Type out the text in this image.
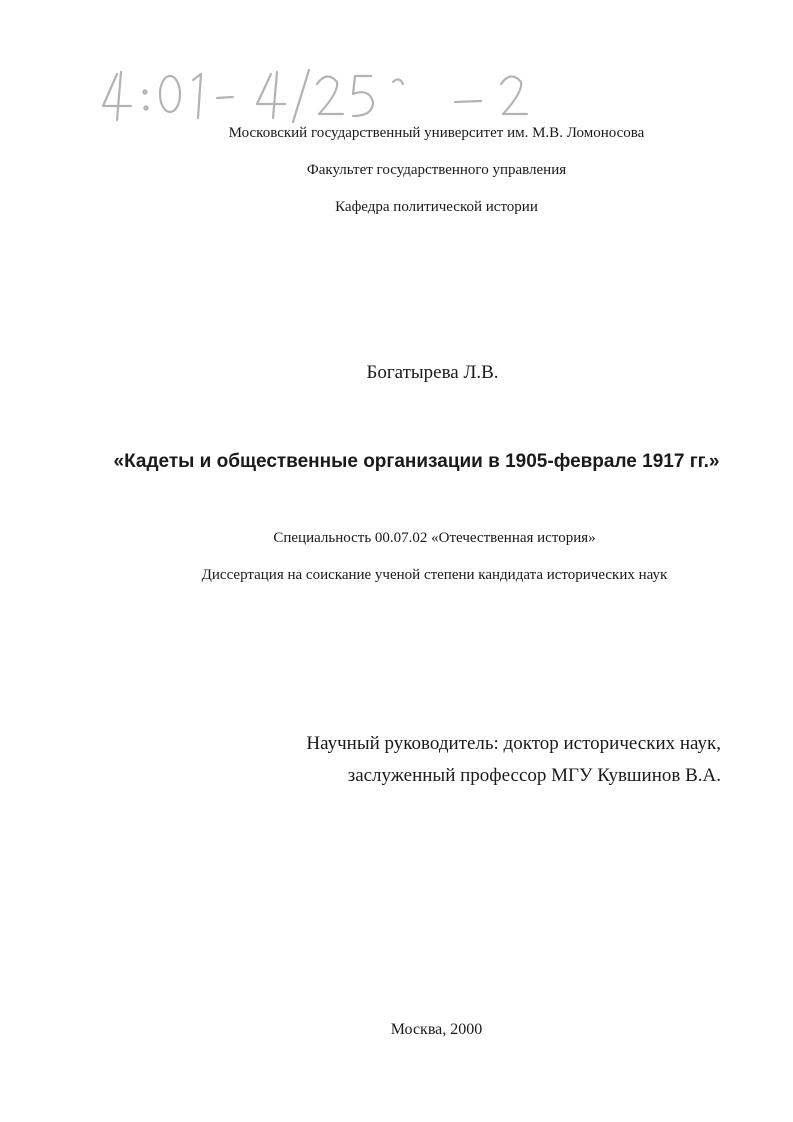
Московский государственный университет им. М.В. Ломоносова
Факультет государственного управления
Кафедра политической истории
Богатырева Л.В.
«Кадеты и общественные организации в 1905-феврале 1917 гг.»
Специальность 00.07.02 «Отечественная история»
Диссертация на соискание ученой степени кандидата исторических наук
Научный руководитель: доктор исторических наук,
заслуженный профессор МГУ Кувшинов В.А.
Москва, 2000
